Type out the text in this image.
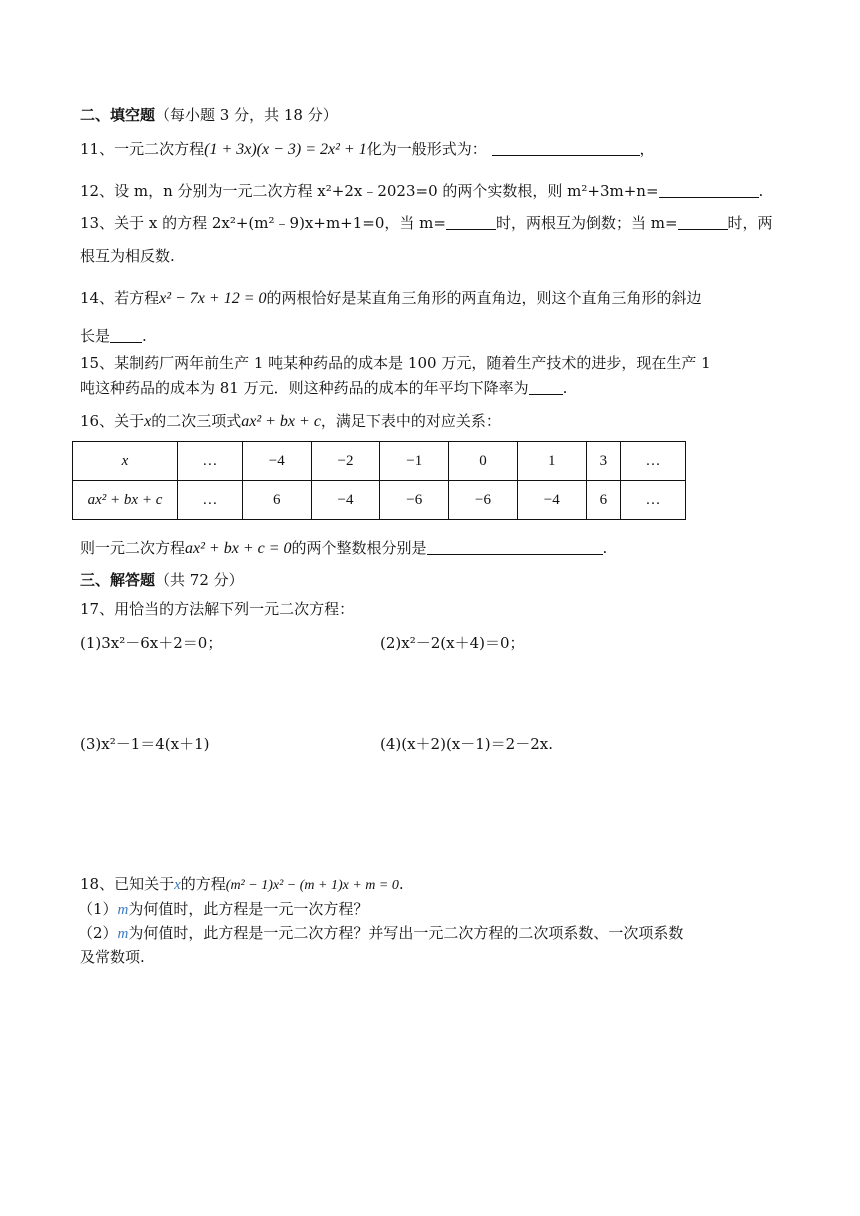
二、填空题（每小题 3 分，共 18 分）
11、一元二次方程(1 + 3x)(x − 3) = 2x² + 1化为一般形式为：	，
12、设 m，n 分别为一元二次方程 x²+2x﹣2023=0 的两个实数根，则 m²+3m+n=	.
13、关于 x 的方程 2x²+(m²﹣9)x+m+1=0，当 m=	时，两根互为倒数；当 m=	时，两
根互为相反数.
14、若方程x² − 7x + 12 = 0的两根恰好是某直角三角形的两直角边，则这个直角三角形的斜边
长是 .
15、某制药厂两年前生产 1 吨某种药品的成本是 100 万元，随着生产技术的进步，现在生产 1
吨这种药品的成本为 81 万元．则这种药品的成本的年平均下降率为 .
16、关于x的二次三项式ax² + bx + c，满足下表中的对应关系：
x	…	−4	−2	−1	0	1	3	…
ax² + bx + c	…	6	−4	−6	−6	−4	6	…
则一元二次方程ax² + bx + c = 0的两个整数根分别是	.
三、解答题（共 72 分）
17、用恰当的方法解下列一元二次方程：
(1)3x²－6x＋2＝0；	(2)x²－2(x＋4)＝0；
(3)x²－1＝4(x＋1)	(4)(x＋2)(x－1)＝2－2x.
18、已知关于x的方程(m² − 1)x² − (m + 1)x + m = 0.
（1）m为何值时，此方程是一元一次方程？
（2）m为何值时，此方程是一元二次方程？并写出一元二次方程的二次项系数、一次项系数
及常数项.
